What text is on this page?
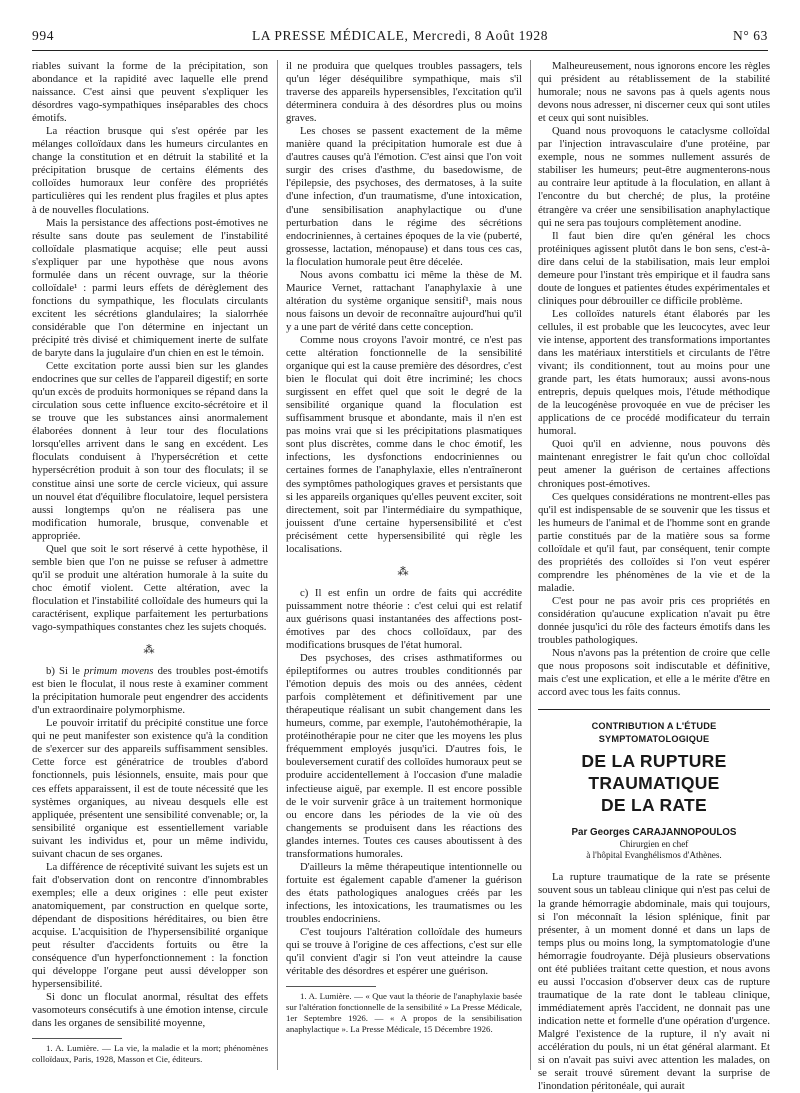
994	LA PRESSE MÉDICALE, Mercredi, 8 Août 1928	N° 63

riables suivant la forme de la précipitation, son abondance et la rapidité avec laquelle elle prend naissance. C'est ainsi que peuvent s'expliquer les désordres vago-sympathiques inséparables des chocs émotifs.

La réaction brusque qui s'est opérée par les mélanges colloïdaux dans les humeurs circulantes en change la constitution et en détruit la stabilité et la précipitation brusque de certains éléments des colloïdes humoraux leur confère des propriétés particulières qui les rendent plus fragiles et plus aptes à de nouvelles floculations.

Mais la persistance des affections post-émotives ne résulte sans doute pas seulement de l'instabilité colloïdale plasmatique acquise; elle peut aussi s'expliquer par une hypothèse que nous avons formulée dans un récent ouvrage, sur la théorie colloïdale¹ : parmi leurs effets de dérèglement des fonctions du sympathique, les floculats circulants excitent les sécrétions glandulaires; la sialorrhée considérable que l'on détermine en injectant un précipité très divisé et chimiquement inerte de sulfate de baryte dans la jugulaire d'un chien en est le témoin.

Cette excitation porte aussi bien sur les glandes endocrines que sur celles de l'appareil digestif; en sorte qu'un excès de produits hormoniques se répand dans la circulation sous cette influence excito-sécrétoire et il se trouve que les substances ainsi anormalement élaborées donnent à leur tour des floculations lorsqu'elles arrivent dans le sang en excédent. Les floculats conduisent à l'hypersécrétion et cette hypersécrétion produit à son tour des floculats; il se constitue ainsi une sorte de cercle vicieux, qui assure un nouvel état d'équilibre floculatoire, lequel persistera aussi longtemps qu'on ne réalisera pas une modification humorale, brusque, convenable et appropriée.

Quel que soit le sort réservé à cette hypothèse, il semble bien que l'on ne puisse se refuser à admettre qu'il se produit une altération humorale à la suite du choc émotif violent. Cette altération, avec la floculation et l'instabilité colloïdale des humeurs qui la caractérisent, explique parfaitement les perturbations vago-sympathiques constantes chez les sujets choqués.

⁂

b) Si le primum movens des troubles post-émotifs est bien le floculat, il nous reste à examiner comment la précipitation humorale peut engendrer des accidents d'un extraordinaire polymorphisme.

Le pouvoir irritatif du précipité constitue une force qui ne peut manifester son existence qu'à la condition de s'exercer sur des appareils suffisamment sensibles. Cette force est génératrice de troubles d'abord fonctionnels, puis lésionnels, ensuite, mais pour que ces effets apparaissent, il est de toute nécessité que les systèmes organiques, au niveau desquels elle est appliquée, présentent une sensibilité convenable; or, la sensibilité organique est essentiellement variable suivant les individus et, pour un même individu, suivant chacun de ses organes.

La différence de réceptivité suivant les sujets est un fait d'observation dont on rencontre d'innombrables exemples; elle a deux origines : elle peut exister anatomiquement, par construction en quelque sorte, dépendant de dispositions héréditaires, ou bien être acquise. L'acquisition de l'hypersensibilité organique peut résulter d'accidents fortuits ou être la conséquence d'un hyperfonctionnement : la fonction qui développe l'organe peut aussi développer son hypersensibilité.

Si donc un floculat anormal, résultat des effets vasomoteurs consécutifs à une émotion intense, circule dans les organes de sensibilité moyenne,

1. A. Lumière. — La vie, la maladie et la mort; phénomènes colloïdaux, Paris, 1928, Masson et Cie, éditeurs.

il ne produira que quelques troubles passagers, tels qu'un léger déséquilibre sympathique, mais s'il traverse des appareils hypersensibles, l'excitation qu'il déterminera conduira à des désordres plus ou moins graves.

Les choses se passent exactement de la même manière quand la précipitation humorale est due à d'autres causes qu'à l'émotion. C'est ainsi que l'on voit surgir des crises d'asthme, du basedowisme, de l'épilepsie, des psychoses, des dermatoses, à la suite d'une infection, d'un traumatisme, d'une intoxication, d'une sensibilisation anaphylactique ou d'une perturbation dans le régime des sécrétions endocriniennes, à certaines époques de la vie (puberté, grossesse, lactation, ménopause) et dans tous ces cas, la floculation humorale peut être décelée.

Nous avons combattu ici même la thèse de M. Maurice Vernet, rattachant l'anaphylaxie à une altération du système organique sensitif¹, mais nous nous faisons un devoir de reconnaître aujourd'hui qu'il y a une part de vérité dans cette conception.

Comme nous croyons l'avoir montré, ce n'est pas cette altération fonctionnelle de la sensibilité organique qui est la cause première des désordres, c'est bien le floculat qui doit être incriminé; les chocs surgissent en effet quel que soit le degré de la sensibilité organique quand la floculation est suffisamment brusque et abondante, mais il n'en est pas moins vrai que si les précipitations plasmatiques sont plus discrètes, comme dans le choc émotif, les infections, les dysfonctions endocriniennes ou certaines formes de l'anaphylaxie, elles n'entraîneront des symptômes pathologiques graves et persistants que si les appareils organiques qu'elles peuvent exciter, soit directement, soit par l'intermédiaire du sympathique, jouissent d'une certaine hypersensibilité et c'est précisément cette hypersensibilité qui règle les localisations.

⁂

c) Il est enfin un ordre de faits qui accrédite puissamment notre théorie : c'est celui qui est relatif aux guérisons quasi instantanées des affections post-émotives par des chocs colloïdaux, par des modifications brusques de l'état humoral.

Des psychoses, des crises asthmatiformes ou épileptiformes ou autres troubles conditionnés par l'émotion depuis des mois ou des années, cèdent parfois complètement et définitivement par une thérapeutique réalisant un subit changement dans les humeurs, comme, par exemple, l'autohémothérapie, la protéinothérapie pour ne citer que les moyens les plus fréquemment employés jusqu'ici. D'autres fois, le bouleversement curatif des colloïdes humoraux peut se produire accidentellement à l'occasion d'une maladie infectieuse aiguë, par exemple. Il est encore possible de le voir survenir grâce à un traitement hormonique ou encore dans les périodes de la vie où des changements se produisent dans les réactions des glandes internes. Toutes ces causes aboutissent à des transformations humorales.

D'ailleurs la même thérapeutique intentionnelle ou fortuite est également capable d'amener la guérison des états pathologiques analogues créés par les infections, les intoxications, les traumatismes ou les troubles endocriniens.

C'est toujours l'altération colloïdale des humeurs qui se trouve à l'origine de ces affections, c'est sur elle qu'il convient d'agir si l'on veut atteindre la cause véritable des désordres et espérer une guérison.

1. A. Lumière. — « Que vaut la théorie de l'anaphylaxie basée sur l'altération fonctionnelle de la sensibilité » La Presse Médicale, 1er Septembre 1926. — « A propos de la sensibilisation anaphylactique ». La Presse Médicale, 15 Décembre 1926.

Malheureusement, nous ignorons encore les règles qui président au rétablissement de la stabilité humorale; nous ne savons pas à quels agents nous devons nous adresser, ni discerner ceux qui sont utiles et ceux qui sont nuisibles.

Quand nous provoquons le cataclysme colloïdal par l'injection intravasculaire d'une protéine, par exemple, nous ne sommes nullement assurés de stabiliser les humeurs; peut-être augmenterons-nous au contraire leur aptitude à la floculation, en allant à l'encontre du but cherché; de plus, la protéine étrangère va créer une sensibilisation anaphylactique qui ne sera pas toujours complètement anodine.

Il faut bien dire qu'en général les chocs protéiniques agissent plutôt dans le bon sens, c'est-à-dire dans celui de la stabilisation, mais leur emploi demeure pour l'instant très empirique et il faudra sans doute de longues et patientes études expérimentales et cliniques pour débrouiller ce difficile problème.

Les colloïdes naturels étant élaborés par les cellules, il est probable que les leucocytes, avec leur vie intense, apportent des transformations importantes dans les matériaux interstitiels et circulants de l'être vivant; ils conditionnent, tout au moins pour une grande part, les états humoraux; aussi avons-nous entrepris, depuis quelques mois, l'étude méthodique de la leucogénèse provoquée en vue de préciser les applications de ce procédé modificateur du terrain humoral.

Quoi qu'il en advienne, nous pouvons dès maintenant enregistrer le fait qu'un choc colloïdal peut amener la guérison de certaines affections chroniques post-émotives.

Ces quelques considérations ne montrent-elles pas qu'il est indispensable de se souvenir que les tissus et les humeurs de l'animal et de l'homme sont en grande partie constitués par de la matière sous sa forme colloïdale et qu'il faut, par conséquent, tenir compte des propriétés des colloïdes si l'on veut espérer comprendre les phénomènes de la vie et de la maladie.

C'est pour ne pas avoir pris ces propriétés en considération qu'aucune explication n'avait pu être donnée jusqu'ici du rôle des facteurs émotifs dans les troubles pathologiques.

Nous n'avons pas la prétention de croire que celle que nous proposons soit indiscutable et définitive, mais c'est une explication, et elle a le mérite d'être en accord avec tous les faits connus.

CONTRIBUTION A L'ÉTUDE SYMPTOMATOLOGIQUE
DE LA RUPTURE TRAUMATIQUE
DE LA RATE
Par Georges CARAJANNOPOULOS
Chirurgien en chef
à l'hôpital Evanghélismos d'Athènes.

La rupture traumatique de la rate se présente souvent sous un tableau clinique qui n'est pas celui de la grande hémorragie abdominale, mais qui toujours, si l'on méconnaît la lésion splénique, finit par présenter, à un moment donné et dans un laps de temps plus ou moins long, la symptomatologie d'une hémorragie foudroyante. Déjà plusieurs observations ont été publiées traitant cette question, et nous avons eu aussi l'occasion d'observer deux cas de rupture traumatique de la rate dont le tableau clinique, immédiatement après l'accident, ne donnait pas une indication nette et formelle d'une opération d'urgence. Malgré l'existence de la rupture, il n'y avait ni accélération du pouls, ni un état général alarmant. Et si on n'avait pas suivi avec attention les malades, on se serait trouvé sûrement devant la surprise de l'inondation péritonéale, qui aurait
